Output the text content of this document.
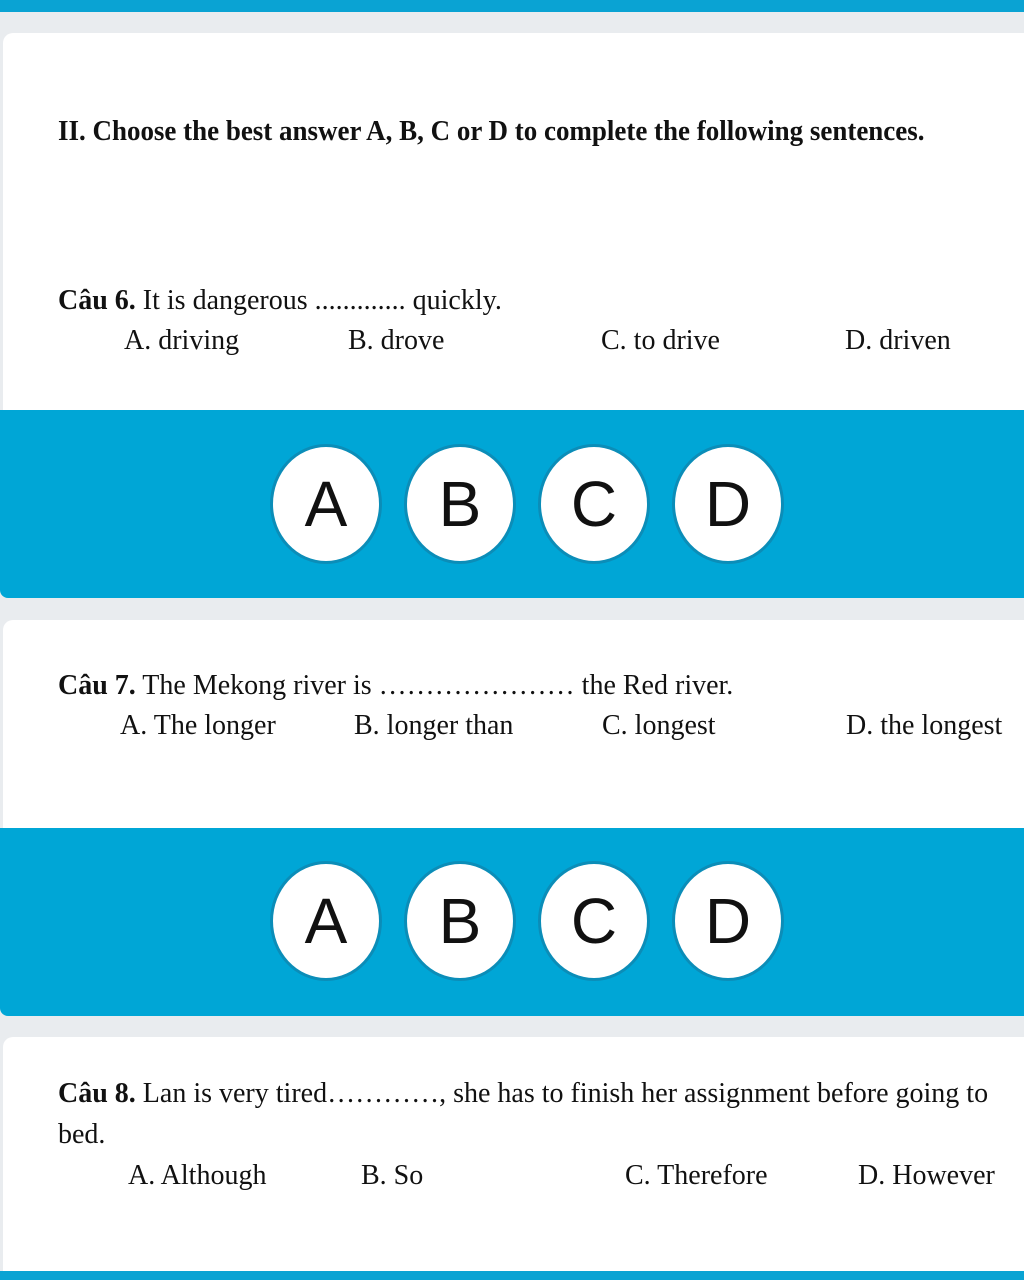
II. Choose the best answer A, B, C or D to complete the following sentences.
Câu 6. It is dangerous ............. quickly.
A. driving	B. drove	C. to drive	D. driven
A	B	C	D
Câu 7. The Mekong river is ………………… the Red river.
A. The longer	B. longer than	C. longest	D. the longest
A	B	C	D
Câu 8. Lan is very tired…………, she has to finish her assignment before going to
bed.
A. Although	B. So	C. Therefore	D. However
